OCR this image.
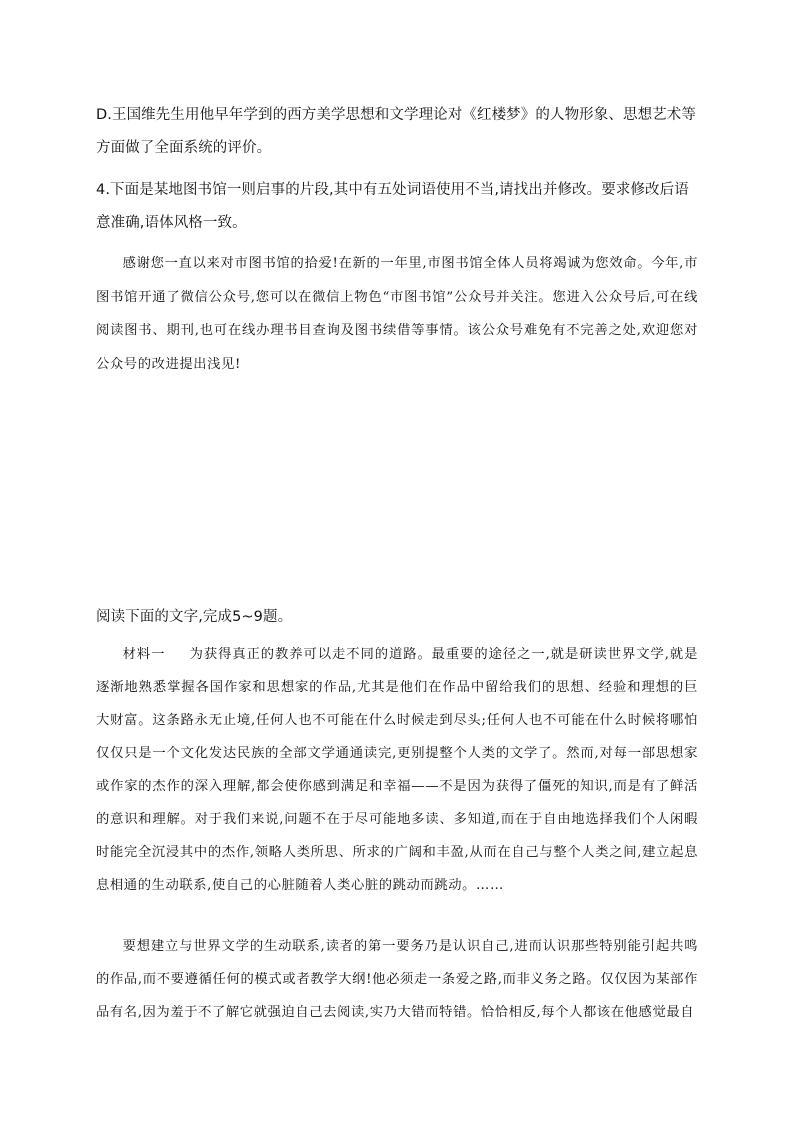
D.王国维先生用他早年学到的西方美学思想和文学理论对《红楼梦》的人物形象、思想艺术等方面做了全面系统的评价。

4.下面是某地图书馆一则启事的片段,其中有五处词语使用不当,请找出并修改。要求修改后语意准确,语体风格一致。

感谢您一直以来对市图书馆的拾爱!在新的一年里,市图书馆全体人员将竭诚为您效命。今年,市图书馆开通了微信公众号,您可以在微信上物色“市图书馆”公众号并关注。您进入公众号后,可在线阅读图书、期刊,也可在线办理书目查询及图书续借等事情。该公众号难免有不完善之处,欢迎您对公众号的改进提出浅见!

阅读下面的文字,完成5~9题。

材料一 为获得真正的教养可以走不同的道路。最重要的途径之一,就是研读世界文学,就是逐渐地熟悉掌握各国作家和思想家的作品,尤其是他们在作品中留给我们的思想、经验和理想的巨大财富。这条路永无止境,任何人也不可能在什么时候走到尽头;任何人也不可能在什么时候将哪怕仅仅只是一个文化发达民族的全部文学通通读完,更别提整个人类的文学了。然而,对每一部思想家或作家的杰作的深入理解,都会使你感到满足和幸福——不是因为获得了僵死的知识,而是有了鲜活的意识和理解。对于我们来说,问题不在于尽可能地多读、多知道,而在于自由地选择我们个人闲暇时能完全沉浸其中的杰作,领略人类所思、所求的广阔和丰盈,从而在自己与整个人类之间,建立起息息相通的生动联系,使自己的心脏随着人类心脏的跳动而跳动。……

要想建立与世界文学的生动联系,读者的第一要务乃是认识自己,进而认识那些特别能引起共鸣的作品,而不要遵循任何的模式或者教学大纲!他必须走一条爱之路,而非义务之路。仅仅因为某部作品有名,因为羞于不了解它就强迫自己去阅读,实乃大错而特错。恰恰相反,每个人都该在他感觉最自
